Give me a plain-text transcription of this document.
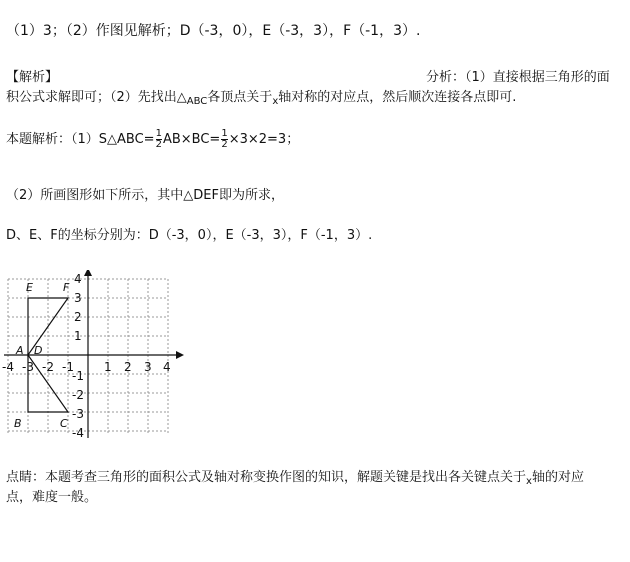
（1）3；（2）作图见解析；D（-3，0），E（-3，3），F（-1，3）.
【解析】	分析：（1）直接根据三角形的面
积公式求解即可；（2）先找出$\triangle_{ABC}$各顶点关于$_x$轴对称的对应点，然后顺次连接各点即可.
本题解析：（1）S△ABC= $\frac{1}{2} AB\times BC= \frac{1}{2} \times 3\times 2=3$；
（2）所画图形如下所示，其中△DEF即为所求，
D、E、F的坐标分别为：D（-3，0），E（-3，3），F（-1，3）.
-4 -3 -2 -1	1 2 3 4
1
2
3
4
-1
-2
-3
-4
A D
B	C
E	F
点睛：本题考查三角形的面积公式及轴对称变换作图的知识，解题关键是找出各关键点关于$_x$轴的对应
点，难度一般。
